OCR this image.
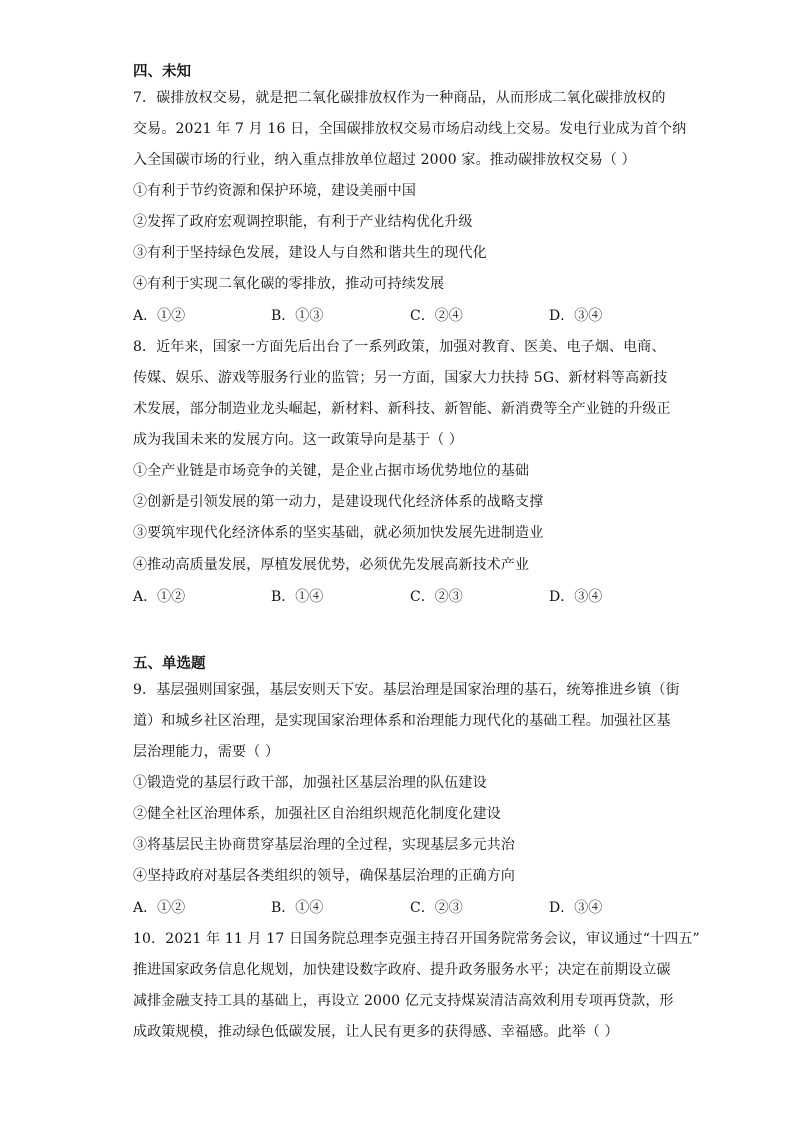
四、未知
7．碳排放权交易，就是把二氧化碳排放权作为一种商品，从而形成二氧化碳排放权的
交易。2021 年 7 月 16 日，全国碳排放权交易市场启动线上交易。发电行业成为首个纳
入全国碳市场的行业，纳入重点排放单位超过 2000 家。推动碳排放权交易（ ）
①有利于节约资源和保护环境，建设美丽中国
②发挥了政府宏观调控职能，有利于产业结构优化升级
③有利于坚持绿色发展，建设人与自然和谐共生的现代化
④有利于实现二氧化碳的零排放，推动可持续发展
A．①②	B．①③	C．②④	D．③④
8．近年来，国家一方面先后出台了一系列政策，加强对教育、医美、电子烟、电商、
传媒、娱乐、游戏等服务行业的监管；另一方面，国家大力扶持 5G、新材料等高新技
术发展，部分制造业龙头崛起，新材料、新科技、新智能、新消费等全产业链的升级正
成为我国未来的发展方向。这一政策导向是基于（ ）
①全产业链是市场竞争的关键，是企业占据市场优势地位的基础
②创新是引领发展的第一动力，是建设现代化经济体系的战略支撑
③要筑牢现代化经济体系的坚实基础，就必须加快发展先进制造业
④推动高质量发展，厚植发展优势，必须优先发展高新技术产业
A．①②	B．①④	C．②③	D．③④
五、单选题
9．基层强则国家强，基层安则天下安。基层治理是国家治理的基石，统筹推进乡镇（街
道）和城乡社区治理，是实现国家治理体系和治理能力现代化的基础工程。加强社区基
层治理能力，需要（ ）
①锻造党的基层行政干部，加强社区基层治理的队伍建设
②健全社区治理体系，加强社区自治组织规范化制度化建设
③将基层民主协商贯穿基层治理的全过程，实现基层多元共治
④坚持政府对基层各类组织的领导，确保基层治理的正确方向
A．①②	B．①④	C．②③	D．③④
10．2021 年 11 月 17 日国务院总理李克强主持召开国务院常务会议，审议通过“十四五”
推进国家政务信息化规划，加快建设数字政府、提升政务服务水平；决定在前期设立碳
减排金融支持工具的基础上，再设立 2000 亿元支持煤炭清洁高效利用专项再贷款，形
成政策规模，推动绿色低碳发展，让人民有更多的获得感、幸福感。此举（ ）
